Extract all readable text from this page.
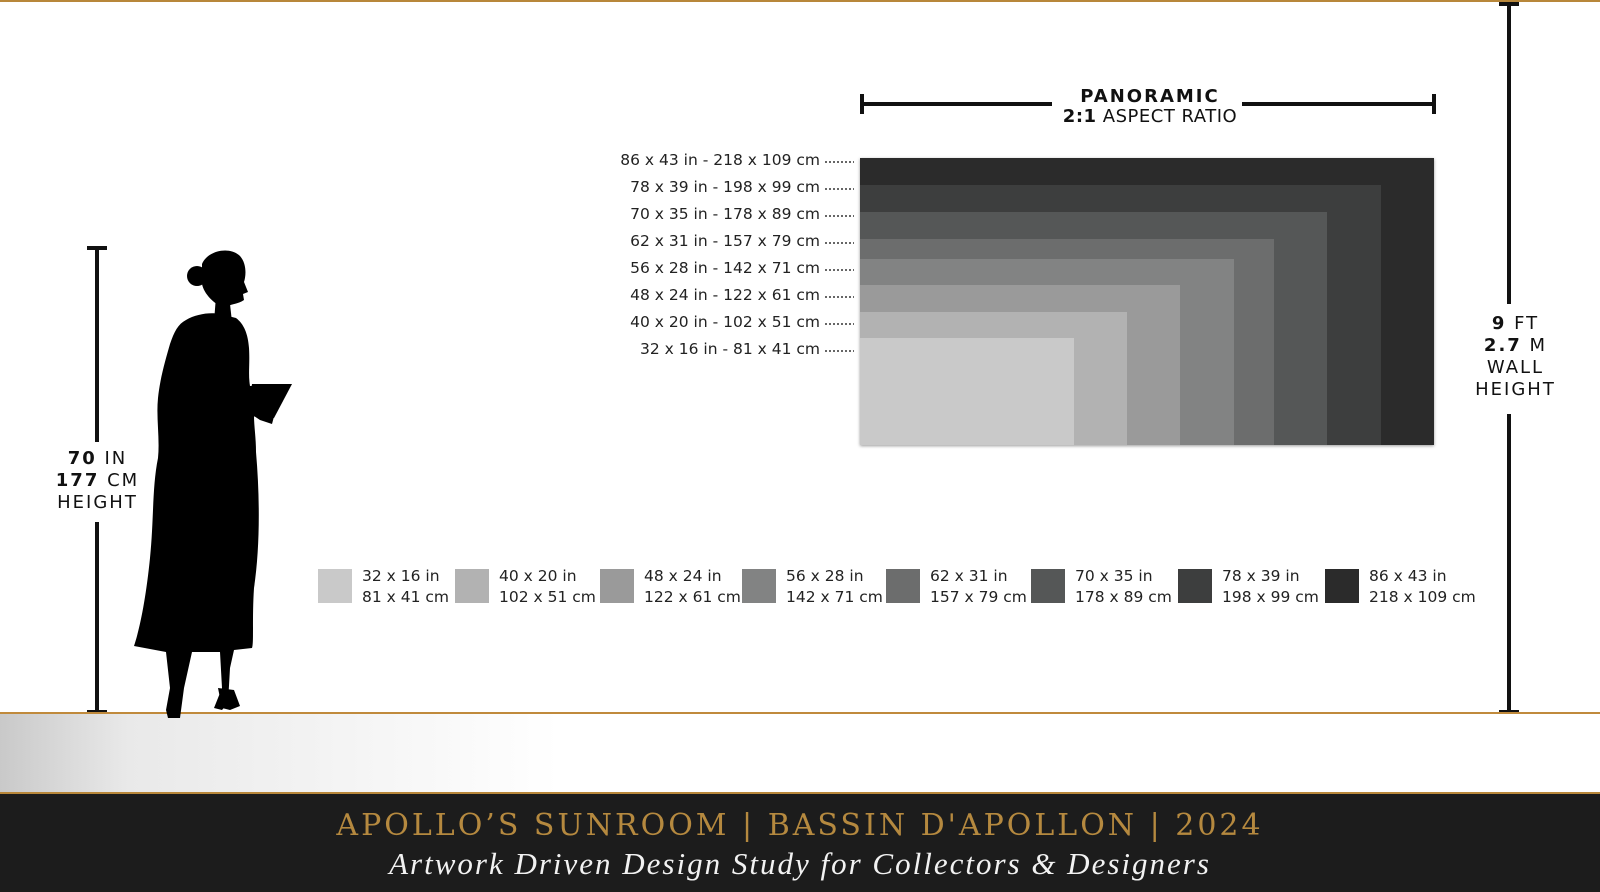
70 IN
177 CM
HEIGHT
9 FT
2.7 M
WALL
HEIGHT
PANORAMIC
2:1 ASPECT RATIO
86 x 43 in - 218 x 109 cm
78 x 39 in - 198 x 99 cm
70 x 35 in - 178 x 89 cm
62 x 31 in - 157 x 79 cm
56 x 28 in - 142 x 71 cm
48 x 24 in - 122 x 61 cm
40 x 20 in - 102 x 51 cm
32 x 16 in - 81 x 41 cm
32 x 16 in
81 x 41 cm
40 x 20 in
102 x 51 cm
48 x 24 in
122 x 61 cm
56 x 28 in
142 x 71 cm
62 x 31 in
157 x 79 cm
70 x 35 in
178 x 89 cm
78 x 39 in
198 x 99 cm
86 x 43 in
218 x 109 cm
APOLLO’S SUNROOM | BASSIN D'APOLLON | 2024
Artwork Driven Design Study for Collectors & Designers
